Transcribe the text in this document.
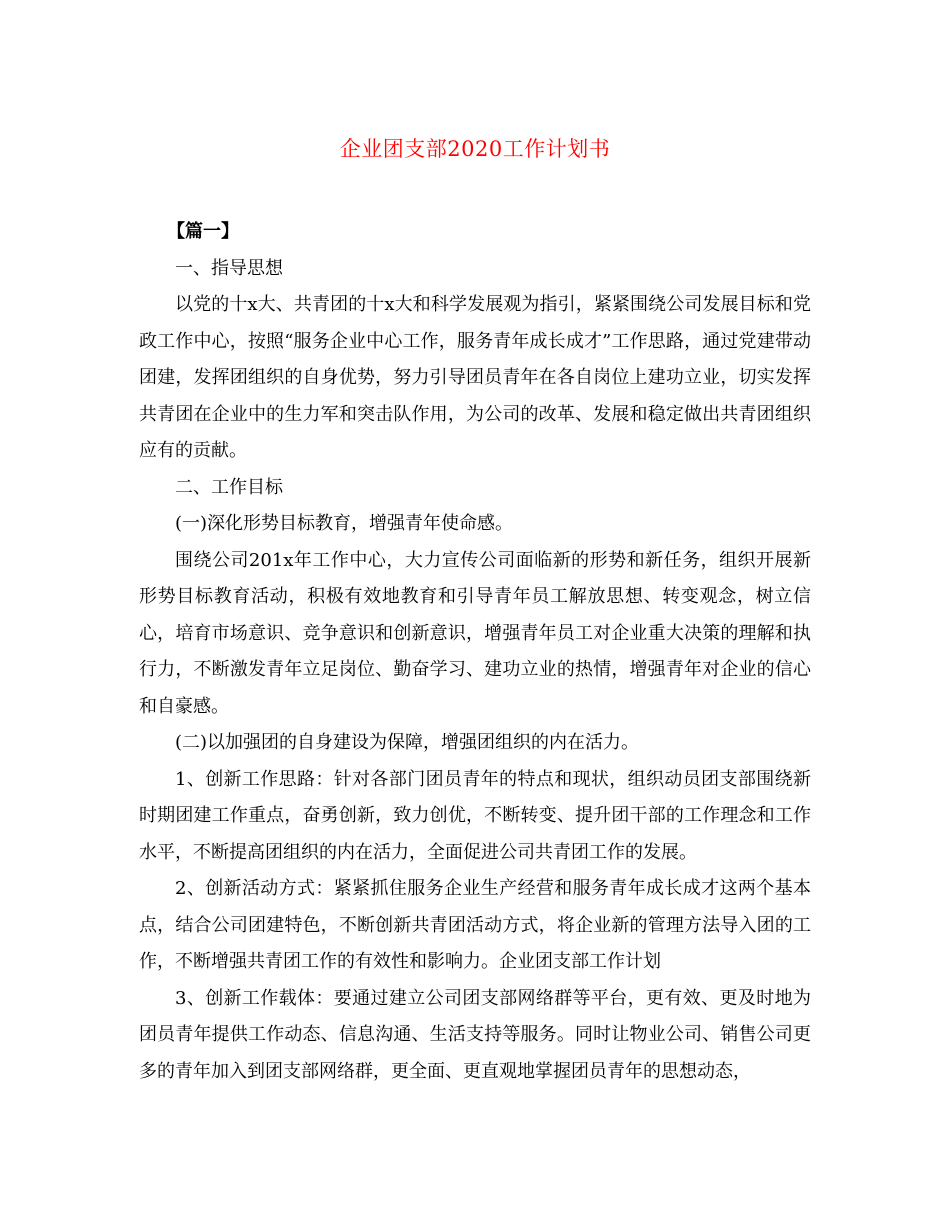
企业团支部2020工作计划书

【篇一】

一、指导思想

以党的十x大、共青团的十x大和科学发展观为指引，紧紧围绕公司发展目标和党政工作中心，按照“服务企业中心工作，服务青年成长成才”工作思路，通过党建带动团建，发挥团组织的自身优势，努力引导团员青年在各自岗位上建功立业，切实发挥共青团在企业中的生力军和突击队作用，为公司的改革、发展和稳定做出共青团组织应有的贡献。

二、工作目标

(一)深化形势目标教育，增强青年使命感。

围绕公司201x年工作中心，大力宣传公司面临新的形势和新任务，组织开展新形势目标教育活动，积极有效地教育和引导青年员工解放思想、转变观念，树立信心，培育市场意识、竞争意识和创新意识，增强青年员工对企业重大决策的理解和执行力，不断激发青年立足岗位、勤奋学习、建功立业的热情，增强青年对企业的信心和自豪感。

(二)以加强团的自身建设为保障，增强团组织的内在活力。

1、创新工作思路：针对各部门团员青年的特点和现状，组织动员团支部围绕新时期团建工作重点，奋勇创新，致力创优，不断转变、提升团干部的工作理念和工作水平，不断提高团组织的内在活力，全面促进公司共青团工作的发展。

2、创新活动方式：紧紧抓住服务企业生产经营和服务青年成长成才这两个基本点，结合公司团建特色，不断创新共青团活动方式，将企业新的管理方法导入团的工作，不断增强共青团工作的有效性和影响力。企业团支部工作计划

3、创新工作载体：要通过建立公司团支部网络群等平台，更有效、更及时地为团员青年提供工作动态、信息沟通、生活支持等服务。同时让物业公司、销售公司更多的青年加入到团支部网络群，更全面、更直观地掌握团员青年的思想动态，
